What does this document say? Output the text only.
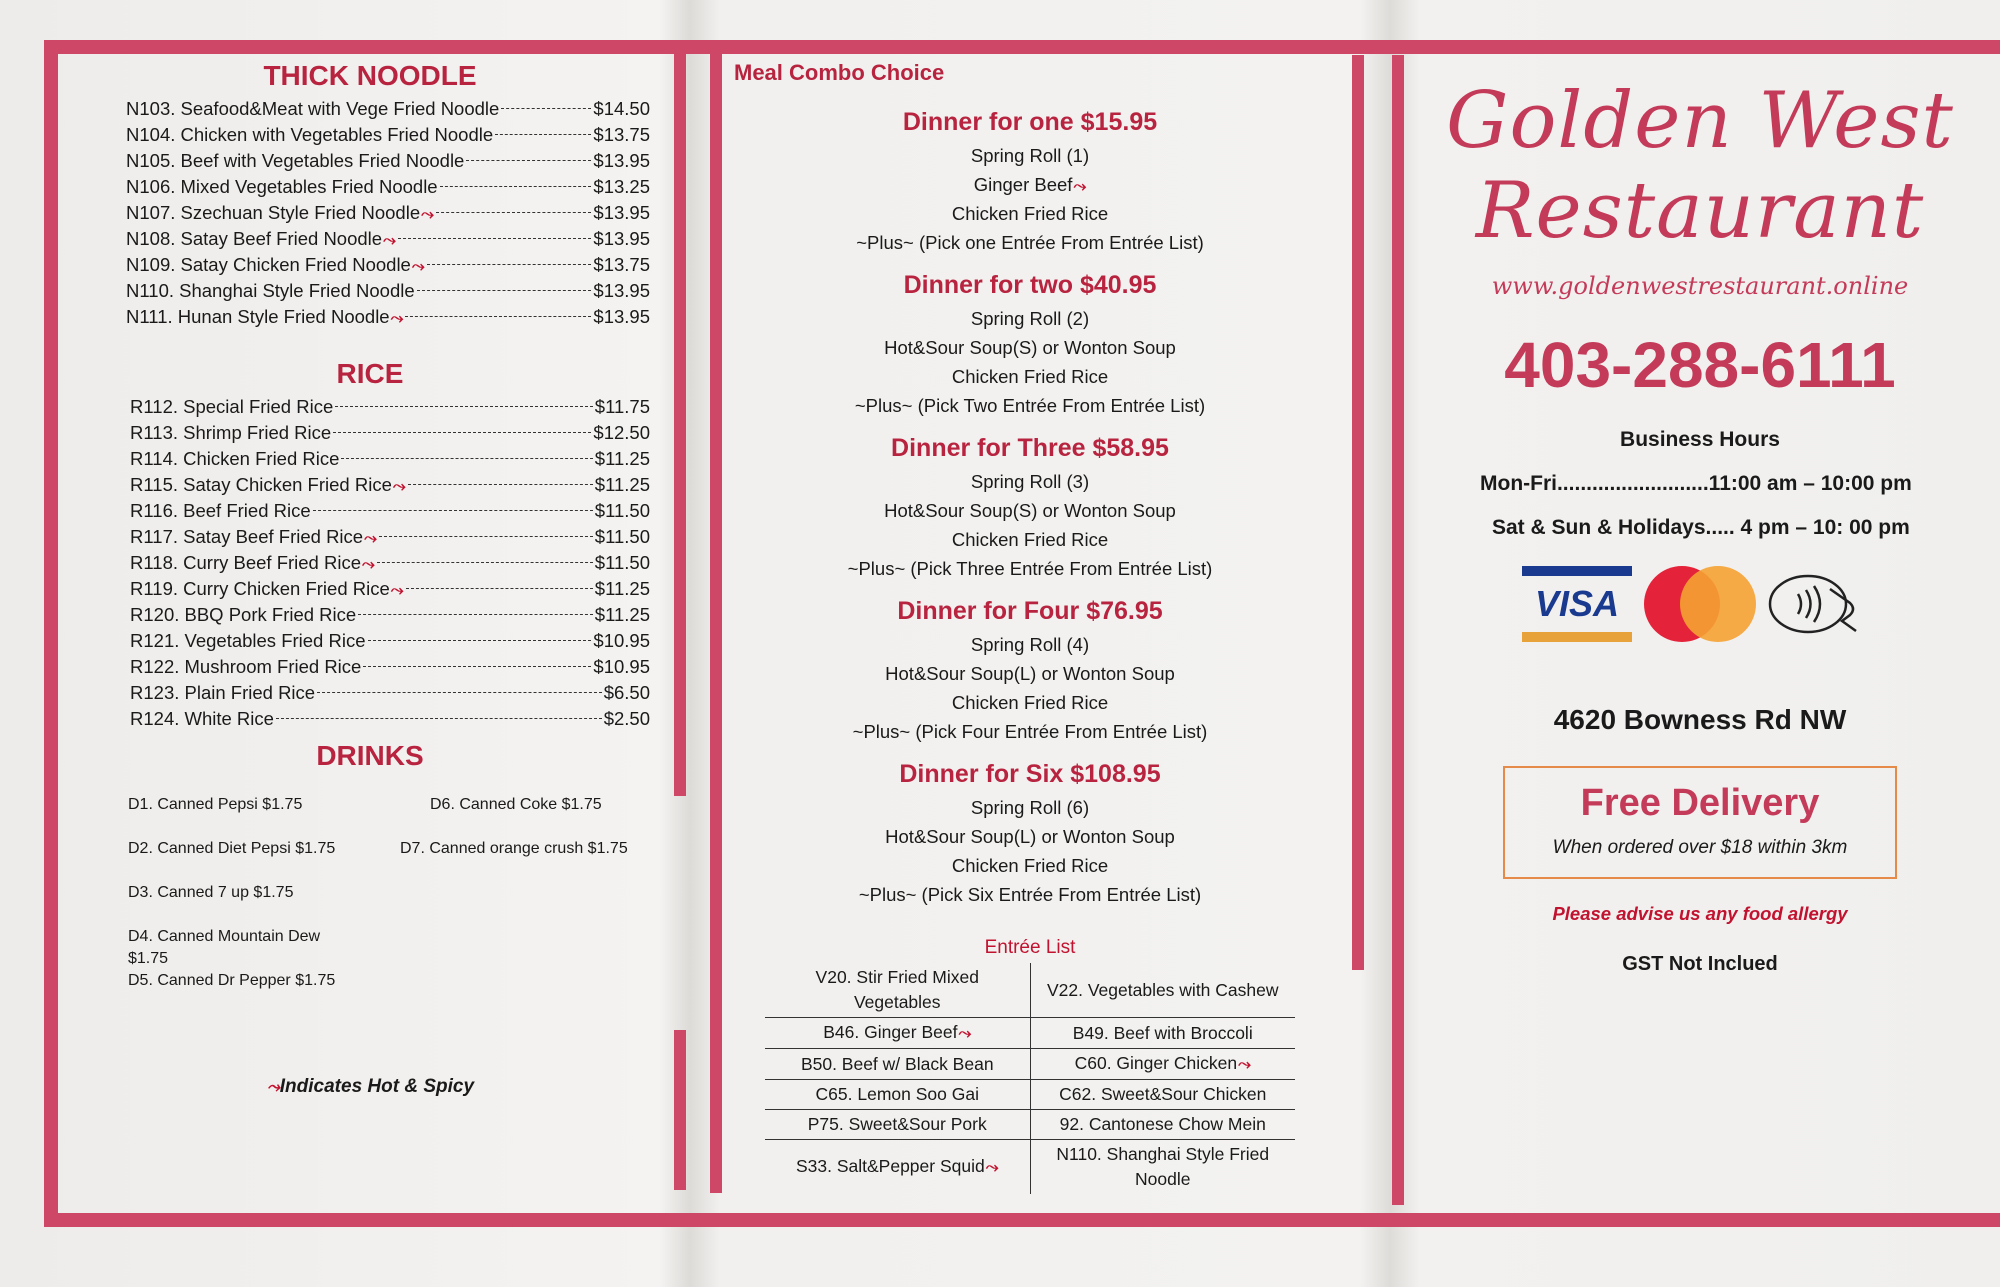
THICK NOODLE
N103. Seafood&Meat with Vege Fried Noodle	$14.50
N104. Chicken with Vegetables Fried Noodle	$13.75
N105. Beef with Vegetables Fried Noodle	$13.95
N106. Mixed Vegetables Fried Noodle	$13.25
N107. Szechuan Style Fried Noodle ⤳	$13.95
N108. Satay Beef Fried Noodle ⤳	$13.95
N109. Satay Chicken Fried Noodle ⤳	$13.75
N110. Shanghai Style Fried Noodle	$13.95
N111. Hunan Style Fried Noodle ⤳	$13.95
RICE
R112. Special Fried Rice	$11.75
R113. Shrimp Fried Rice	$12.50
R114. Chicken Fried Rice	$11.25
R115. Satay Chicken Fried Rice ⤳	$11.25
R116. Beef Fried Rice	$11.50
R117. Satay Beef Fried Rice ⤳	$11.50
R118. Curry Beef Fried Rice ⤳	$11.50
R119. Curry Chicken Fried Rice ⤳	$11.25
R120. BBQ Pork Fried Rice	$11.25
R121. Vegetables Fried Rice	$10.95
R122. Mushroom Fried Rice	$10.95
R123. Plain Fried Rice	$6.50
R124. White Rice	$2.50
DRINKS
D1. Canned Pepsi $1.75	D6. Canned Coke $1.75
D2. Canned Diet Pepsi $1.75	D7. Canned orange crush $1.75
D3. Canned 7 up $1.75
D4. Canned Mountain Dew
$1.75
D5. Canned Dr Pepper $1.75
⤳Indicates Hot & Spicy
Meal Combo Choice
Dinner for one $15.95
Spring Roll (1)
Ginger Beef⤳
Chicken Fried Rice
~Plus~ (Pick one Entrée From Entrée List)
Dinner for two $40.95
Spring Roll (2)
Hot&Sour Soup(S) or Wonton Soup
Chicken Fried Rice
~Plus~ (Pick Two Entrée From Entrée List)
Dinner for Three $58.95
Spring Roll (3)
Hot&Sour Soup(S) or Wonton Soup
Chicken Fried Rice
~Plus~ (Pick Three Entrée From Entrée List)
Dinner for Four $76.95
Spring Roll (4)
Hot&Sour Soup(L) or Wonton Soup
Chicken Fried Rice
~Plus~ (Pick Four Entrée From Entrée List)
Dinner for Six $108.95
Spring Roll (6)
Hot&Sour Soup(L) or Wonton Soup
Chicken Fried Rice
~Plus~ (Pick Six Entrée From Entrée List)
Entrée List
V20. Stir Fried Mixed Vegetables	V22. Vegetables with Cashew
B46. Ginger Beef⤳	B49. Beef with Broccoli
B50. Beef w/ Black Bean	C60. Ginger Chicken⤳
C65. Lemon Soo Gai	C62. Sweet&Sour Chicken
P75. Sweet&Sour Pork	92. Cantonese Chow Mein
S33. Salt&Pepper Squid⤳	N110. Shanghai Style Fried Noodle
Golden West
Restaurant
www.goldenwestrestaurant.online
403-288-6111
Business Hours
Mon-Fri..........................11:00 am – 10:00 pm
Sat & Sun & Holidays..... 4 pm – 10: 00 pm
VISA
4620 Bowness Rd NW
Free Delivery
When ordered over $18 within 3km
Please advise us any food allergy
GST Not Inclued
